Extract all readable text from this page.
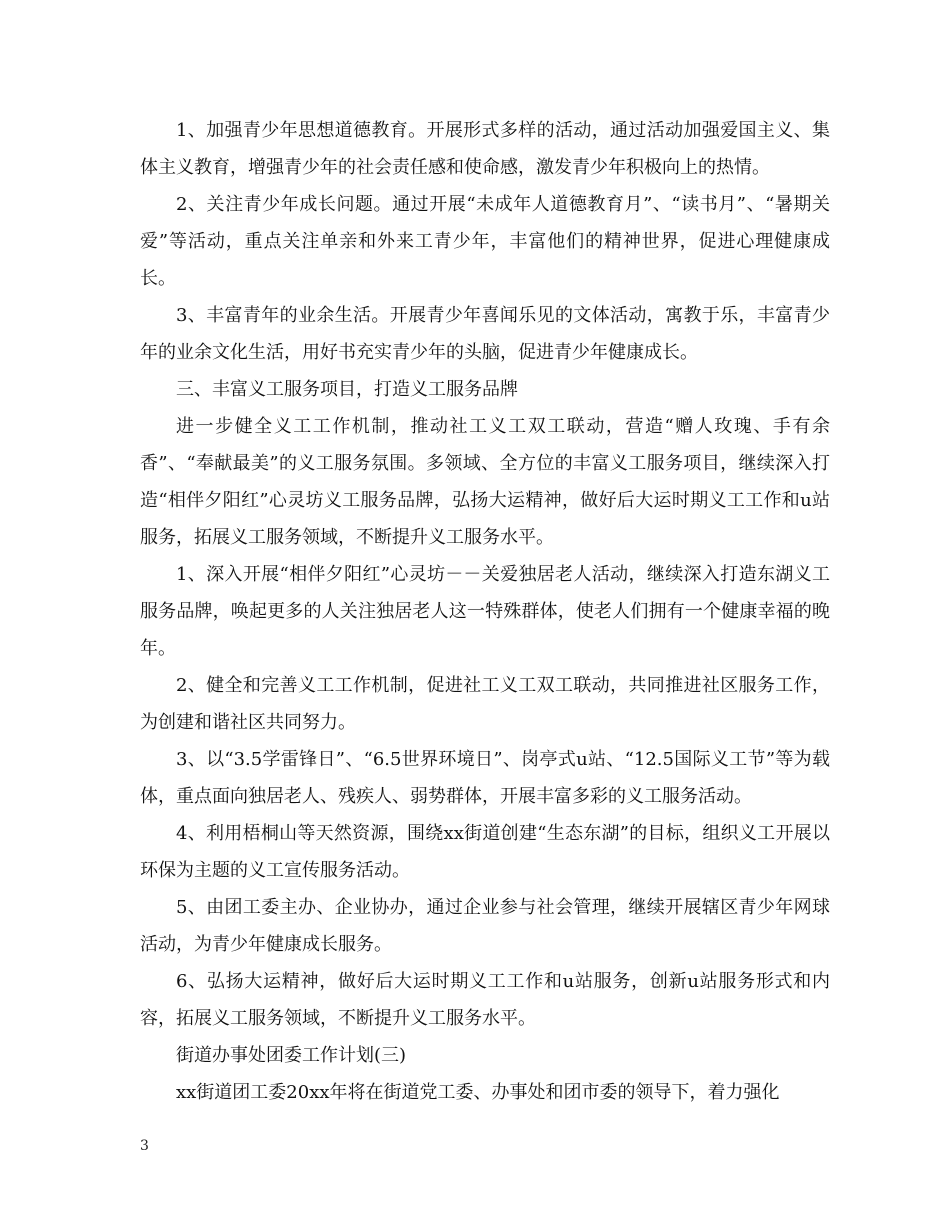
1、加强青少年思想道德教育。开展形式多样的活动，通过活动加强爱国主义、集体主义教育，增强青少年的社会责任感和使命感，激发青少年积极向上的热情。

2、关注青少年成长问题。通过开展“未成年人道德教育月”、“读书月”、“暑期关爱”等活动，重点关注单亲和外来工青少年，丰富他们的精神世界，促进心理健康成长。

3、丰富青年的业余生活。开展青少年喜闻乐见的文体活动，寓教于乐，丰富青少年的业余文化生活，用好书充实青少年的头脑，促进青少年健康成长。

三、丰富义工服务项目，打造义工服务品牌

进一步健全义工工作机制，推动社工义工双工联动，营造“赠人玫瑰、手有余香”、“奉献最美”的义工服务氛围。多领域、全方位的丰富义工服务项目，继续深入打造“相伴夕阳红”心灵坊义工服务品牌，弘扬大运精神，做好后大运时期义工工作和u站服务，拓展义工服务领域，不断提升义工服务水平。

1、深入开展“相伴夕阳红”心灵坊－－关爱独居老人活动，继续深入打造东湖义工服务品牌，唤起更多的人关注独居老人这一特殊群体，使老人们拥有一个健康幸福的晚年。

2、健全和完善义工工作机制，促进社工义工双工联动，共同推进社区服务工作，为创建和谐社区共同努力。

3、以“3.5学雷锋日”、“6.5世界环境日”、岗亭式u站、“12.5国际义工节”等为载体，重点面向独居老人、残疾人、弱势群体，开展丰富多彩的义工服务活动。

4、利用梧桐山等天然资源，围绕xx街道创建“生态东湖”的目标，组织义工开展以环保为主题的义工宣传服务活动。

5、由团工委主办、企业协办，通过企业参与社会管理，继续开展辖区青少年网球活动，为青少年健康成长服务。

6、弘扬大运精神，做好后大运时期义工工作和u站服务，创新u站服务形式和内容，拓展义工服务领域，不断提升义工服务水平。

街道办事处团委工作计划(三)

xx街道团工委20xx年将在街道党工委、办事处和团市委的领导下，着力强化

3
